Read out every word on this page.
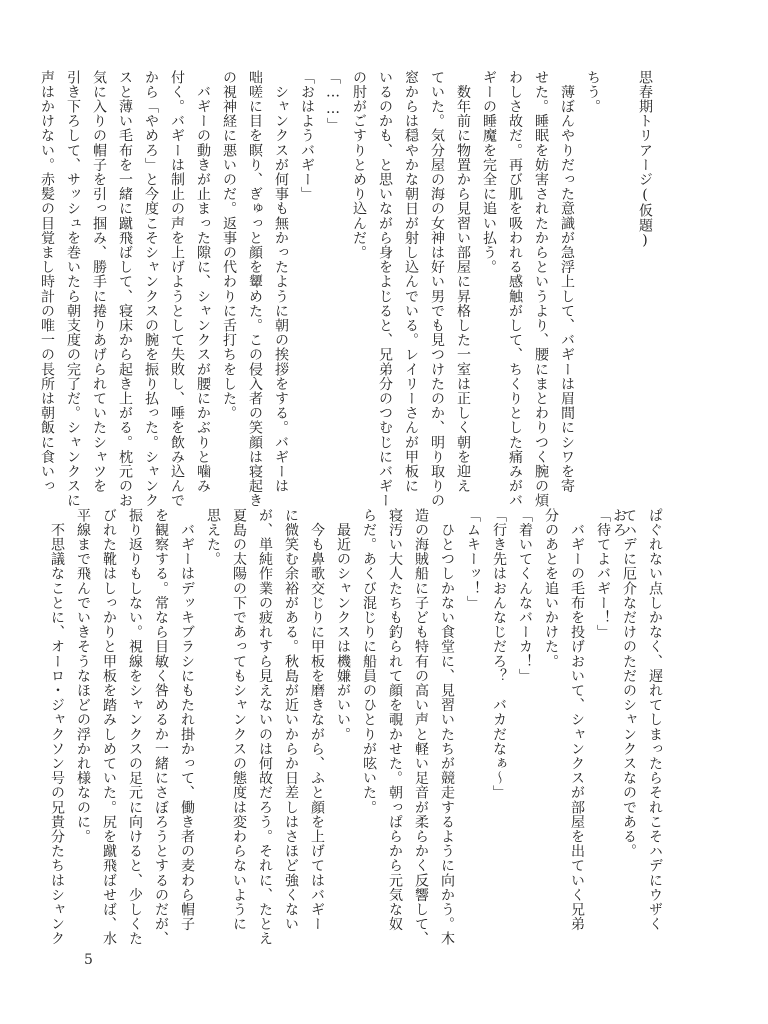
思春期トリアージ(仮題)

　　　　　　　　　　　　　　　　　　　　　　　　　　　　　　おろ

ちう。

　薄ぼんやりだった意識が急浮上して、バギーは眉間にシワを寄

せた。睡眠を妨害されたからというより、腰にまとわりつく腕の煩

わしさ故だ。再び肌を吸われる感触がして、ちくりとした痛みがバ

ギーの睡魔を完全に追い払う。

　数年前に物置から見習い部屋に昇格した一室は正しく朝を迎え

ていた。気分屋の海の女神は好い男でも見つけたのか、明り取りの

窓からは穏やかな朝日が射し込んでいる。レイリーさんが甲板に

いるのかも、と思いながら身をよじると、兄弟分のつむじにバギー

の肘がごすりとめり込んだ。

「……」

「おはようバギー」

　シャンクスが何事も無かったように朝の挨拶をする。バギーは

咄嗟に目を瞑り、ぎゅっと顔を顰めた。この侵入者の笑顔は寝起き

の視神経に悪いのだ。返事の代わりに舌打ちをした。

　バギーの動きが止まった隙に、シャンクスが腰にかぶりと噛み

付く。バギーは制止の声を上げようとして失敗し、唾を飲み込んで

から「やめろ」と今度こそシャンクスの腕を振り払った。シャンク

スと薄い毛布を一緒に蹴飛ばして、寝床から起き上がる。枕元のお

気に入りの帽子を引っ掴み、勝手に捲りあげられていたシャツを

引き下ろして、サッシュを巻いたら朝支度の完了だ。シャンクスに

声はかけない。赤髪の目覚まし時計の唯一の長所は朝飯に食いっ

ぱぐれない点しかなく、遅れてしまったらそれこそハデにウザく

てハデに厄介なだけのただのシャンクスなのである。

「待てよバギー！」

　バギーの毛布を投げおいて、シャンクスが部屋を出ていく兄弟

分のあとを追いかけた。

「着いてくんなバーカ！」

「行き先はおんなじだろ？　バカだなぁ～」

「ムキーッ！」

　ひとつしかない食堂に、見習いたちが競走するように向かう。木

造の海賊船に子ども特有の高い声と軽い足音が柔らかく反響して、

寝汚い大人たちも釣られて顔を覗かせた。朝っぱらから元気な奴

らだ。あくび混じりに船員のひとりが呟いた。

　最近のシャンクスは機嫌がいい。

　今も鼻歌交じりに甲板を磨きながら、ふと顔を上げてはバギー

に微笑む余裕がある。秋島が近いからか日差しはさほど強くない

が、単純作業の疲れすら見えないのは何故だろう。それに、たとえ

夏島の太陽の下であってもシャンクスの態度は変わらないように

思えた。

　バギーはデッキブラシにもたれ掛かって、働き者の麦わら帽子

を観察する。常なら目敏く咎めるか一緒にさぼろうとするのだが、

振り返りもしない。視線をシャンクスの足元に向けると、少しくた

びれた靴はしっかりと甲板を踏みしめていた。尻を蹴飛ばせば、水

平線まで飛んでいきそうなほどの浮かれ様なのに。

　不思議なことに、オーロ・ジャクソン号の兄貴分たちはシャンク

5
